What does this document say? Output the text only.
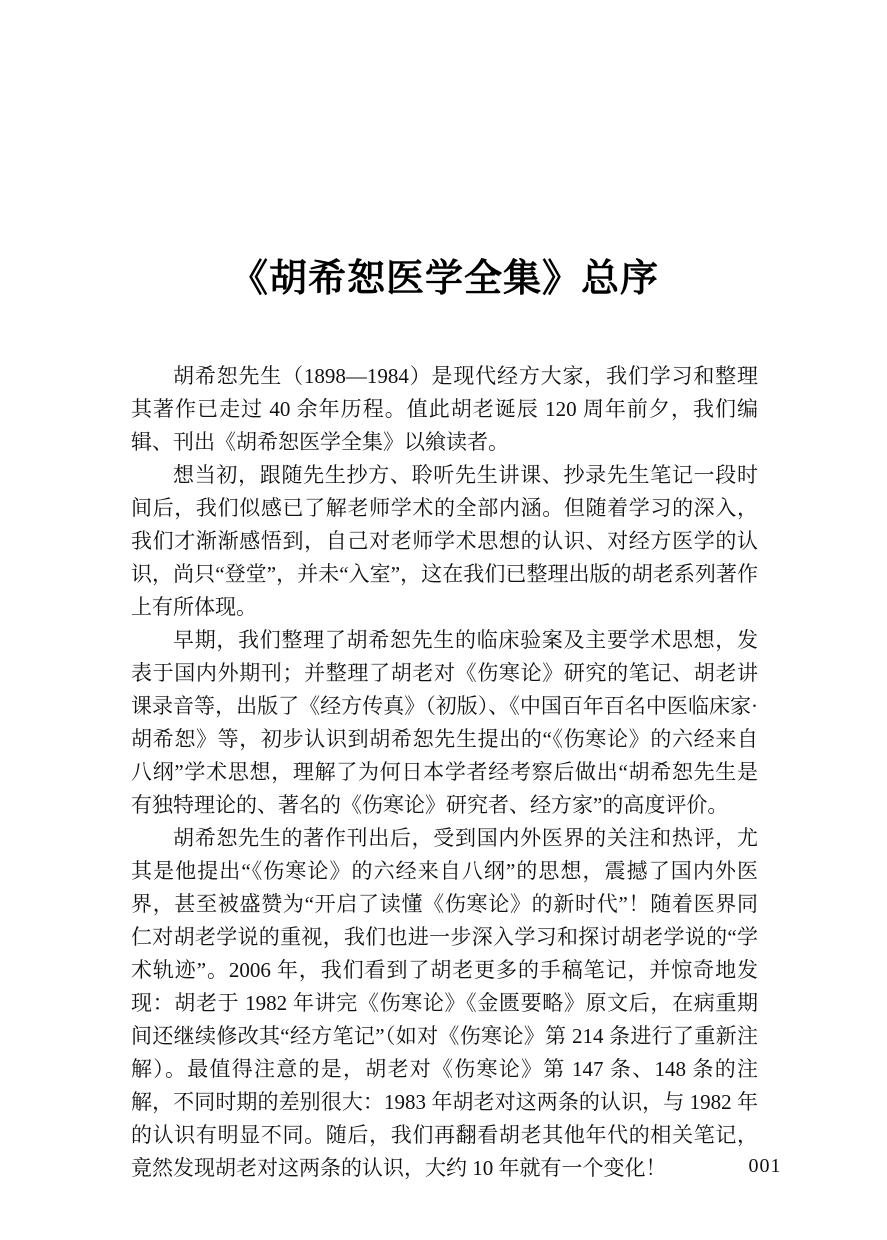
《胡希恕医学全集》总序

胡希恕先生（1898—1984）是现代经方大家，我们学习和整理其著作已走过 40 余年历程。值此胡老诞辰 120 周年前夕，我们编辑、刊出《胡希恕医学全集》以飨读者。

想当初，跟随先生抄方、聆听先生讲课、抄录先生笔记一段时间后，我们似感已了解老师学术的全部内涵。但随着学习的深入，我们才渐渐感悟到，自己对老师学术思想的认识、对经方医学的认识，尚只“登堂”，并未“入室”，这在我们已整理出版的胡老系列著作上有所体现。

早期，我们整理了胡希恕先生的临床验案及主要学术思想，发表于国内外期刊；并整理了胡老对《伤寒论》研究的笔记、胡老讲课录音等，出版了《经方传真》（初版）、《中国百年百名中医临床家·胡希恕》等，初步认识到胡希恕先生提出的“《伤寒论》的六经来自八纲”学术思想，理解了为何日本学者经考察后做出“胡希恕先生是有独特理论的、著名的《伤寒论》研究者、经方家”的高度评价。

胡希恕先生的著作刊出后，受到国内外医界的关注和热评，尤其是他提出“《伤寒论》的六经来自八纲”的思想，震撼了国内外医界，甚至被盛赞为“开启了读懂《伤寒论》的新时代”！随着医界同仁对胡老学说的重视，我们也进一步深入学习和探讨胡老学说的“学术轨迹”。2006 年，我们看到了胡老更多的手稿笔记，并惊奇地发现：胡老于 1982 年讲完《伤寒论》《金匮要略》原文后，在病重期间还继续修改其“经方笔记”（如对《伤寒论》第 214 条进行了重新注解）。最值得注意的是，胡老对《伤寒论》第 147 条、148 条的注解，不同时期的差别很大：1983 年胡老对这两条的认识，与 1982 年的认识有明显不同。随后，我们再翻看胡老其他年代的相关笔记，竟然发现胡老对这两条的认识，大约 10 年就有一个变化！	001
